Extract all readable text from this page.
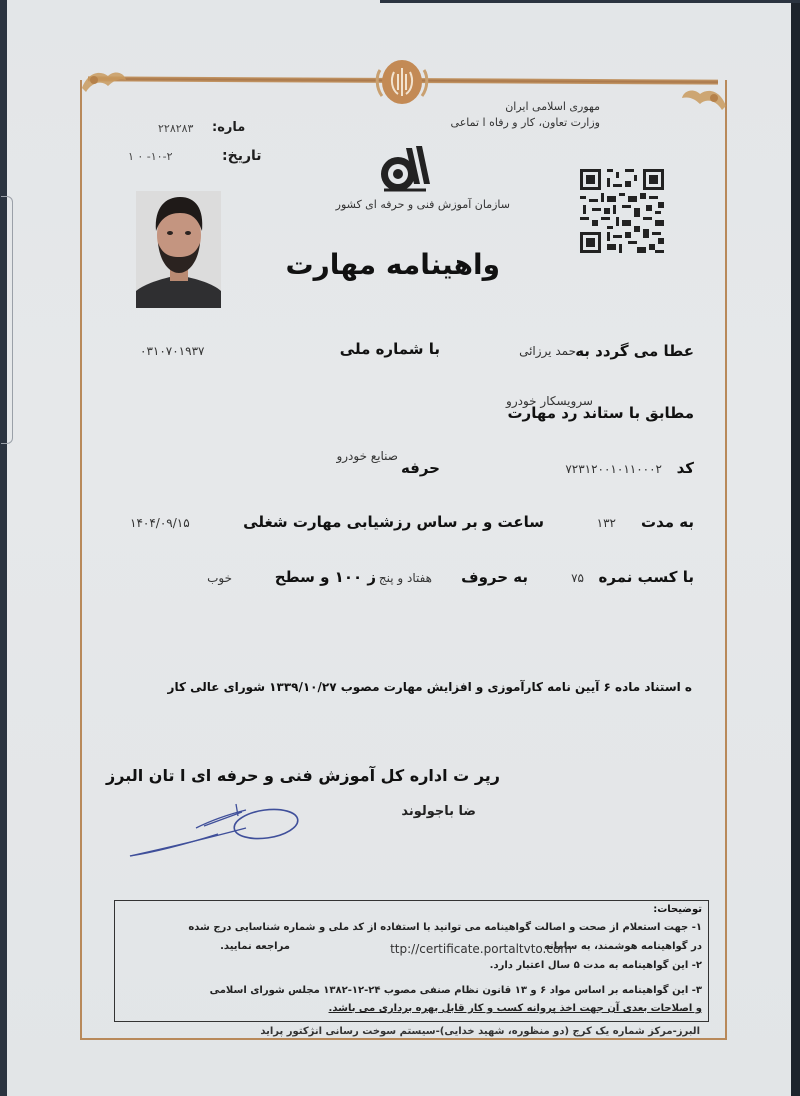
مهوری اسلامی ایران
وزارت تعاون، کار و رفاه ا تماعی
سازمان آموزش فنی و حرفه ای کشور
مارە:
۲۲۸۲۸۳
تاریخ:
۱ ۰ -۱۰-۲
واهینامه مهارت
عطا می گردد به
حمد یرزائی
با شماره ملی
۰۳۱۰۷۰۱۹۳۷
مطابق با ستاند رد مهارت
سرویسکار خودرو
کد
۷۲۳۱۲۰۰۱۰۱۱۰۰۰۲
حرفه
صنایع خودرو
به مدت
۱۳۲
ساعت و بر ساس رزشیابی مهارت شغلی
۱۴۰۴/۰۹/۱۵
با کسب نمره
۷۵
به حروف
هفتاد و پنج
ز ۱۰۰ و سطح
خوب
ه استناد ماده ۶ آیین نامه کارآموزی و افزایش مهارت مصوب ۱۳۳۹/۱۰/۲۷ شورای عالی کار
رپر ت اداره کل آموزش فنی و حرفه ای ا تان البرز
ضا باجولوند
توضیحات:
۱- جهت استعلام از صحت و اصالت گواهینامه می توانید با استفاده از کد ملی و شماره شناسایی درج شده
در گواهینامه هوشمند، به سامانه
ttp://certificate.portaltvto.com
مراجعه نمایید.
۲- این گواهینامه به مدت ۵ سال اعتبار دارد.
۳- این گواهینامه بر اساس مواد ۶ و ۱۳ قانون نظام صنفی مصوب ۲۴-۱۲-۱۳۸۲ مجلس شورای اسلامی
و اصلاحات بعدی آن جهت اخذ پروانه کسب و کار قابل بهره برداری می باشد.
البرز-مرکز شماره یک کرج (دو منظوره، شهید خدایی)-سیستم سوخت رسانی انژکتور پراید
